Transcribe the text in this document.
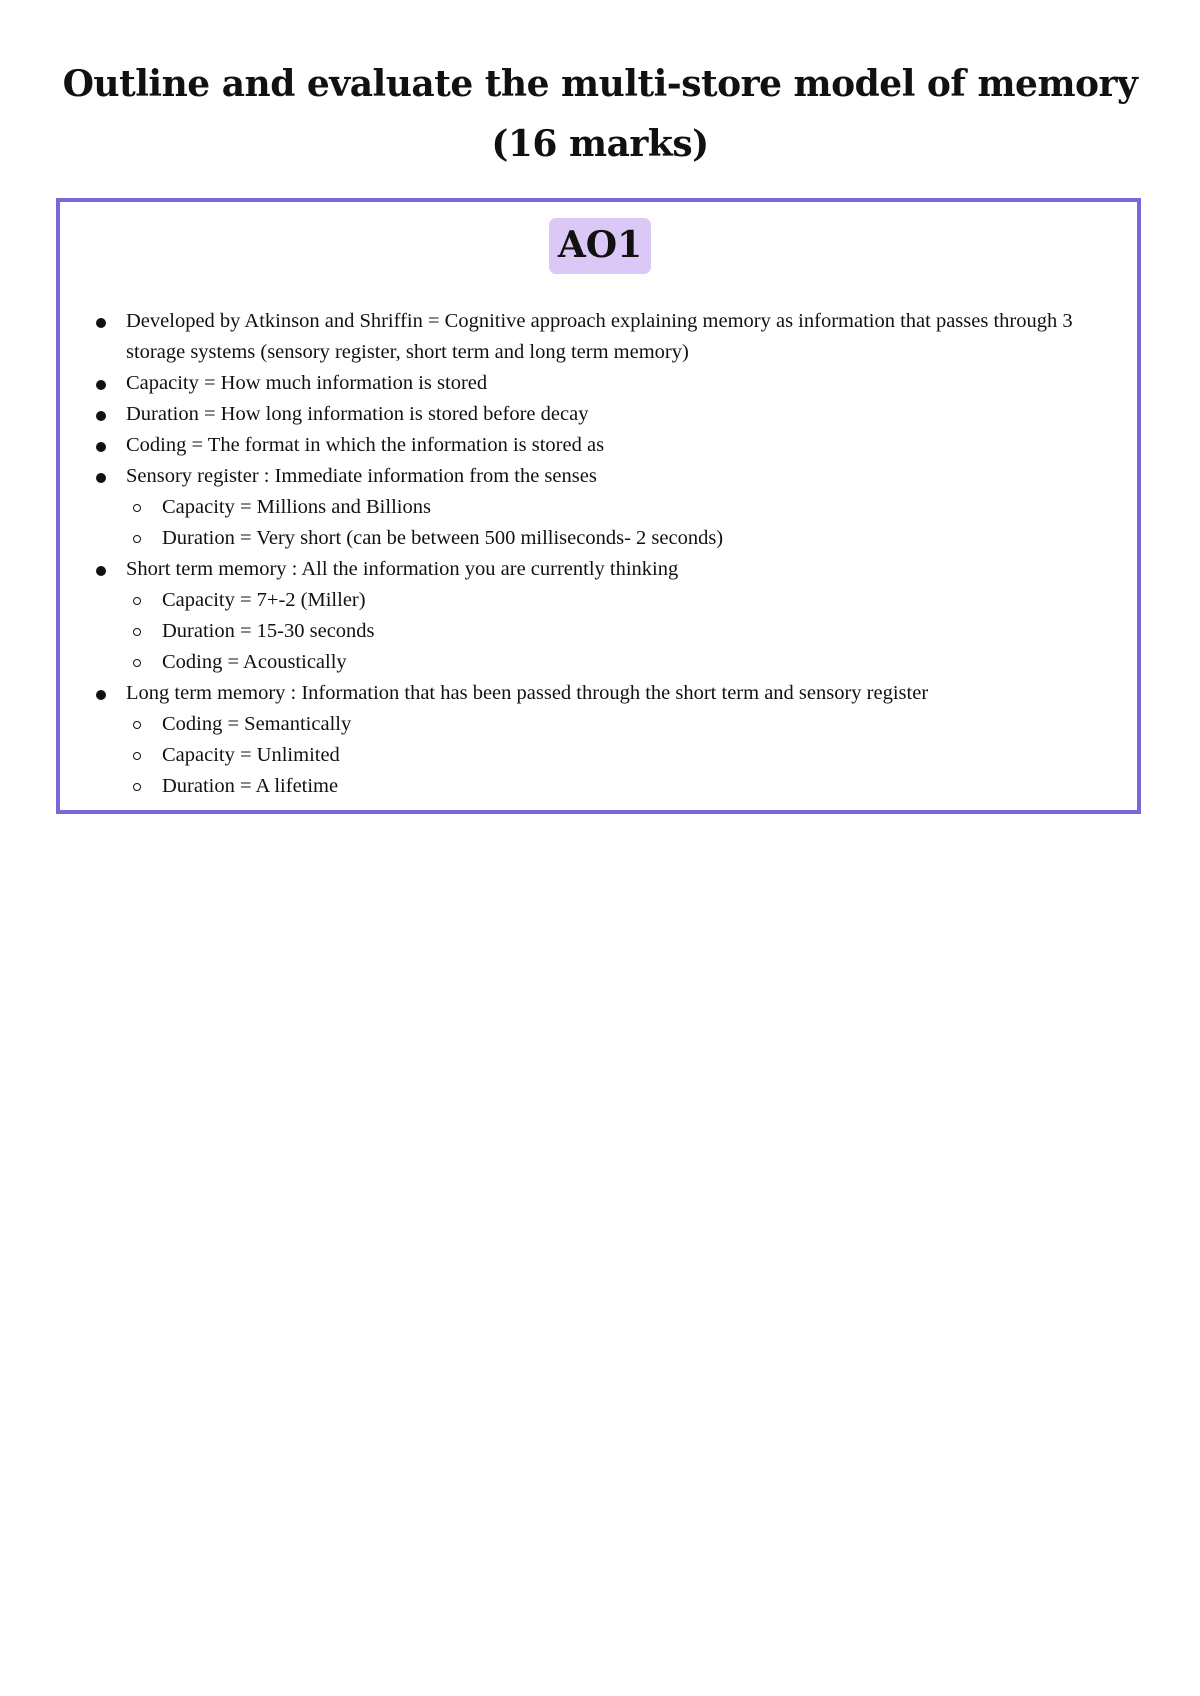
Outline and evaluate the multi-store model of memory
(16 marks)
AO1
Developed by Atkinson and Shriffin = Cognitive approach explaining memory as information that passes through 3 storage systems (sensory register, short term and long term memory)
Capacity = How much information is stored
Duration = How long information is stored before decay
Coding = The format in which the information is stored as
Sensory register : Immediate information from the senses
Capacity = Millions and Billions
Duration = Very short (can be between 500 milliseconds- 2 seconds)
Short term memory : All the information you are currently thinking
Capacity = 7+-2 (Miller)
Duration = 15-30 seconds
Coding = Acoustically
Long term memory : Information that has been passed through the short term and sensory register
Coding = Semantically
Capacity = Unlimited
Duration = A lifetime
